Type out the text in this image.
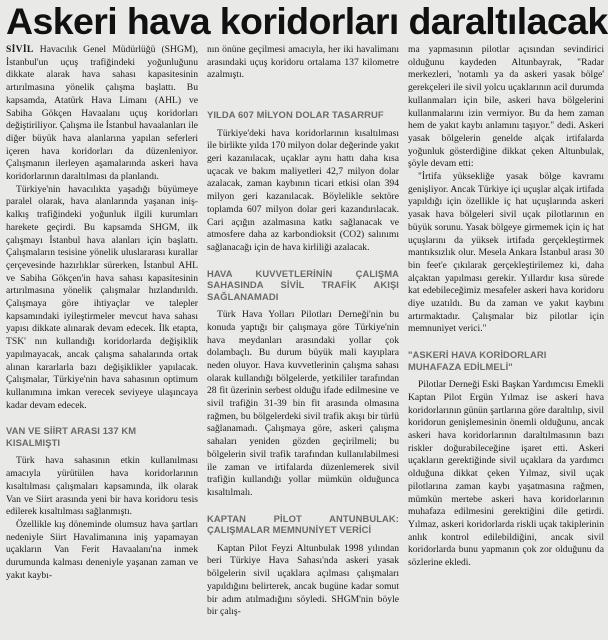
Askeri hava koridorları daraltılacak

SİVİL Havacılık Genel Müdürlüğü (SHGM), İstanbul'un uçuş trafiğindeki yoğunluğunu dikkate alarak hava sahası kapasitesinin artırılmasına yönelik çalışma başlattı. Bu kapsamda, Atatürk Hava Limanı (AHL) ve Sabiha Gökçen Havaalanı uçuş koridorları değiştiriliyor. Çalışma ile İstanbul havaalanları ile diğer büyük hava alanlarına yapılan seferleri içeren hava koridorları da düzenleniyor. Çalışmanın ilerleyen aşamalarında askeri hava koridorlarının daraltılması da planlandı.

Türkiye'nin havacılıkta yaşadığı büyümeye paralel olarak, hava alanlarında yaşanan iniş-kalkış trafiğindeki yoğunluk ilgili kurumları harekete geçirdi. Bu kapsamda SHGM, ilk çalışmayı İstanbul hava alanları için başlattı. Çalışmaların tesisine yönelik uluslararası kurallar çerçevesinde hazırlıklar sürerken, İstanbul AHL ve Sabiha Gökçen'in hava sahası kapasitesinin artırılmasına yönelik çalışmalar hızlandırıldı. Çalışmaya göre ihtiyaçlar ve talepler kapsamındaki iyileştirmeler mevcut hava sahası yapısı dikkate alınarak devam edecek. İlk etapta, TSK' nın kullandığı koridorlarda değişiklik yapılmayacak, ancak çalışma sahalarında ortak alınan kararlarla bazı değişiklikler yapılacak. Çalışmalar, Türkiye'nin hava sahasının optimum kullanımına imkan verecek seviyeye ulaşıncaya kadar devam edecek.

VAN VE SİİRT ARASI 137 KM
KISALMIŞTI

Türk hava sahasının etkin kullanılması amacıyla yürütülen hava koridorlarının kısaltılması çalışmaları kapsamında, ilk olarak Van ve Siirt arasında yeni bir hava koridoru tesis edilerek kısaltılması sağlanmıştı.

Özellikle kış döneminde olumsuz hava şartları nedeniyle Siirt Havalimanına iniş yapamayan uçakların Van Ferit Havaalanı'na inmek durumunda kalması deneniyle yaşanan zaman ve yakıt kaybı-

nın önüne geçilmesi amacıyla, her iki havalimanı arasındaki uçuş koridoru ortalama 137 kilometre azalmıştı.

YILDA 607 MİLYON DOLAR TASARRUF

Türkiye'deki hava koridorlarının kısaltılması ile birlikte yılda 170 milyon dolar değerinde yakıt geri kazanılacak, uçaklar aynı hattı daha kısa uçacak ve bakım maliyetleri 42,7 milyon dolar azalacak, zaman kaybının ticari etkisi olan 394 milyon geri kazanılacak. Böylelikle sektöre toplamda 607 milyon dolar geri kazandırılacak. Cari açığın azalmasına katkı sağlanacak ve atmosfere daha az karbondioksit (CO2) salınımı sağlanacağı için de hava kirliliği azalacak.

HAVA KUVVETLERİNİN ÇALIŞMA SAHASINDA SİVİL TRAFİK AKIŞI SAĞLANAMADI

Türk Hava Yolları Pilotları Derneği'nin bu konuda yaptığı bir çalışmaya göre Türkiye'nin hava meydanları arasındaki yollar çok dolambaçlı. Bu durum büyük mali kayıplara neden oluyor. Hava kuvvetlerinin çalışma sahası olarak kullandığı bölgelerde, yetkililer tarafından 28 fit üzerinin serbest olduğu ifade edilmesine ve sivil trafiğin 31-39 bin fit arasında olmasına rağmen, bu bölgelerdeki sivil trafik akışı bir türlü sağlanamadı. Çalışmaya göre, askeri çalışma sahaları yeniden gözden geçirilmeli; bu bölgelerin sivil trafik tarafından kullanılabilmesi ile zaman ve irtifalarda düzenlemerek sivil trafiğin kullandığı yollar mümkün olduğunca kısaltılmalı.

KAPTAN PİLOT ANTUNBULAK: ÇALIŞMALAR MEMNUNİYET VERİCİ

Kaptan Pilot Feyzi Altunbulak 1998 yılından beri Türkiye Hava Sahası'nda askeri yasak bölgelerin sivil uçaklara açılması çalışmaları yapıldığını belirterek, ancak bugüne kadar somut bir adım atılmadığını söyledi. SHGM'nin böyle bir çalış-

ma yapmasının pilotlar açısından sevindirici olduğunu kaydeden Altunbayrak, "Radar merkezleri, 'notamlı ya da askeri yasak bölge' gerekçeleri ile sivil yolcu uçaklarının acil durumda kullanmaları için bile, askeri hava bölgelerini kullanmalarını izin vermiyor. Bu da hem zaman hem de yakıt kaybı anlamını taşıyor." dedi. Askeri yasak bölgelerin genelde alçak irtifalarda yoğunluk gösterdiğine dikkat çeken Altunbulak, şöyle devam etti:

"İrtifa yüksekliğe yasak bölge kavramı genişliyor. Ancak Türkiye içi uçuşlar alçak irtifada yapıldığı için özellikle iç hat uçuşlarında askeri yasak hava bölgeleri sivil uçak pilotlarının en büyük sorunu. Yasak bölgeye girmemek için iç hat uçuşlarını da yüksek irtifada gerçekleştirmek mantıksızlık olur. Mesela Ankara İstanbul arası 30 bin feet'e çıkılarak gerçekleştirilemez ki, daha alçaktan yapılması gerekir. Yıllardır kısa sürede kat edebileceğimiz mesafeler askeri hava koridoru diye uzatıldı. Bu da zaman ve yakıt kaybını artırmaktadır. Çalışmalar biz pilotlar için memnuniyet verici."

"ASKERİ HAVA KORİDORLARI
MUHAFAZA EDİLMELİ"

Pilotlar Derneği Eski Başkan Yardımcısı Emekli Kaptan Pilot Ergün Yılmaz ise askeri hava koridorlarının günün şartlarına göre daraltılıp, sivil koridorun genişlemesinin önemli olduğunu, ancak askeri hava koridorlarının daraltılmasının bazı riskler doğurabileceğine işaret etti. Askeri uçakların gerektiğinde sivil uçaklara da yardımcı olduğuna dikkat çeken Yılmaz, sivil uçak pilotlarına zaman kaybı yaşatmasına rağmen, mümkün mertebe askeri hava koridorlarının muhafaza edilmesini gerektiğini dile getirdi. Yılmaz, askeri koridorlarda riskli uçak takiplerinin anlık kontrol edilebildiğini, ancak sivil koridorlarda bunu yapmanın çok zor olduğunu da sözlerine ekledi.
